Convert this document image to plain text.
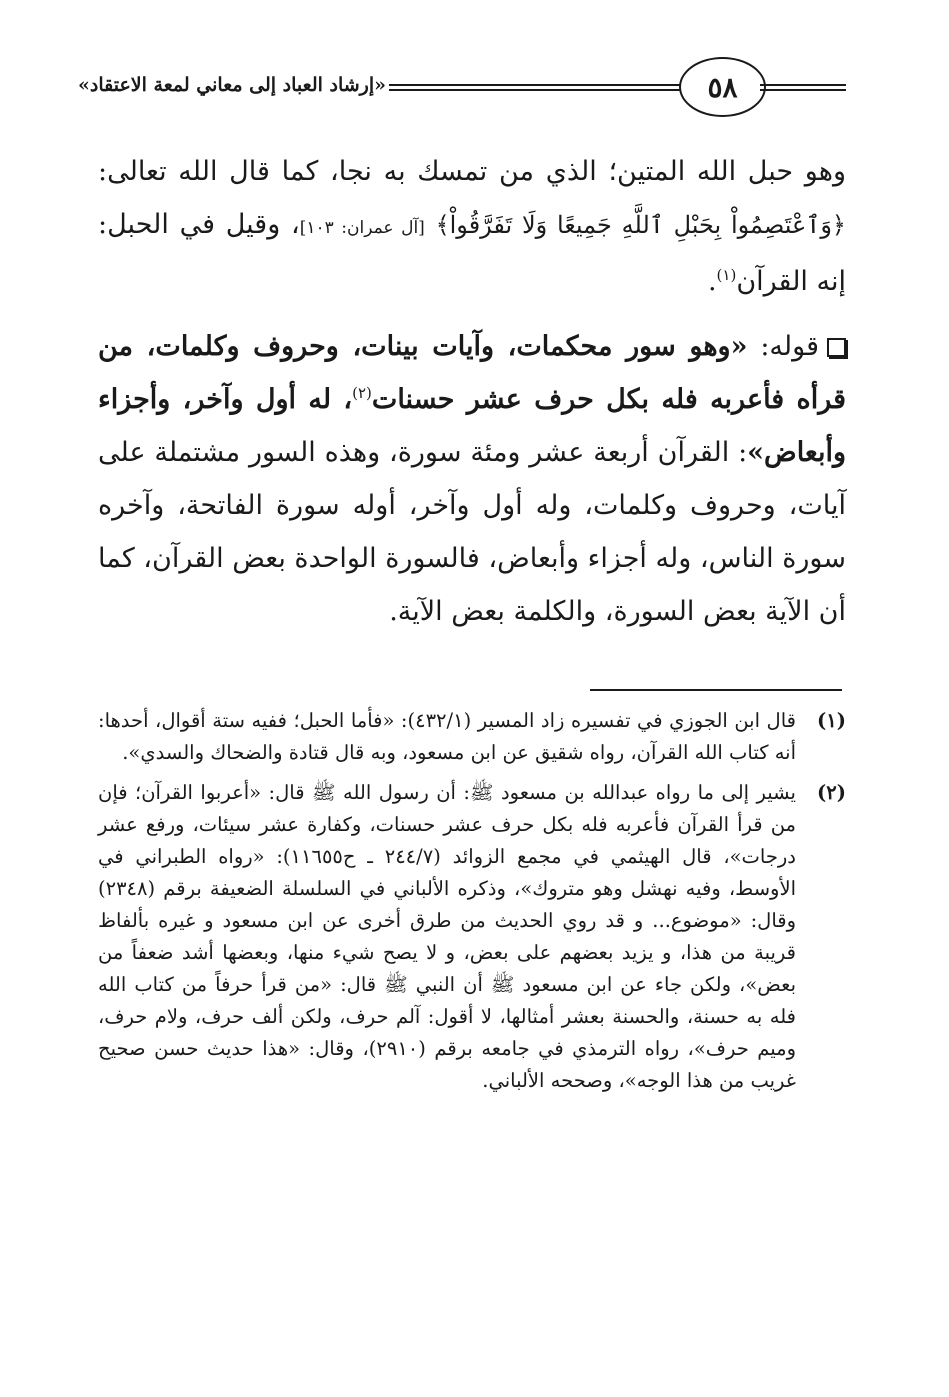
٥٨
«إرشاد العباد إلى معاني لمعة الاعتقاد»

وهو حبل الله المتين؛ الذي من تمسك به نجا، كما قال الله تعالى: ﴿وَٱعْتَصِمُواْ بِحَبْلِ ٱللَّهِ جَمِيعًا وَلَا تَفَرَّقُواْ﴾ [آل عمران: ١٠٣]، وقيل في الحبل: إنه القرآن$^{(١)}$.

قوله: «وهو سور محكمات، وآيات بينات، وحروف وكلمات، من قرأه فأعربه فله بكل حرف عشر حسنات$^{(٢)}$، له أول وآخر، وأجزاء وأبعاض»: القرآن أربعة عشر ومئة سورة، وهذه السور مشتملة على آيات، وحروف وكلمات، وله أول وآخر، أوله سورة الفاتحة، وآخره سورة الناس، وله أجزاء وأبعاض، فالسورة الواحدة بعض القرآن، كما أن الآية بعض السورة، والكلمة بعض الآية.

(١)
قال ابن الجوزي في تفسيره زاد المسير (٤٣٢/١): «فأما الحبل؛ ففيه ستة أقوال، أحدها: أنه كتاب الله القرآن، رواه شقيق عن ابن مسعود، وبه قال قتادة والضحاك والسدي».
(٢)
يشير إلى ما رواه عبدالله بن مسعود ﷺ: أن رسول الله ﷺ قال: «أعربوا القرآن؛ فإن من قرأ القرآن فأعربه فله بكل حرف عشر حسنات، وكفارة عشر سيئات، ورفع عشر درجات»، قال الهيثمي في مجمع الزوائد (٢٤٤/٧ ـ ح١١٦٥٥): «رواه الطبراني في الأوسط، وفيه نهشل وهو متروك»، وذكره الألباني في السلسلة الضعيفة برقم (٢٣٤٨) وقال: «موضوع... و قد روي الحديث من طرق أخرى عن ابن مسعود و غيره بألفاظ قريبة من هذا، و يزيد بعضهم على بعض، و لا يصح شيء منها، وبعضها أشد ضعفاً من بعض»، ولكن جاء عن ابن مسعود ﷺ أن النبي ﷺ قال: «من قرأ حرفاً من كتاب الله فله به حسنة، والحسنة بعشر أمثالها، لا أقول: آلم حرف، ولكن ألف حرف، ولام حرف، وميم حرف»، رواه الترمذي في جامعه برقم (٢٩١٠)، وقال: «هذا حديث حسن صحيح غريب من هذا الوجه»، وصححه الألباني.
